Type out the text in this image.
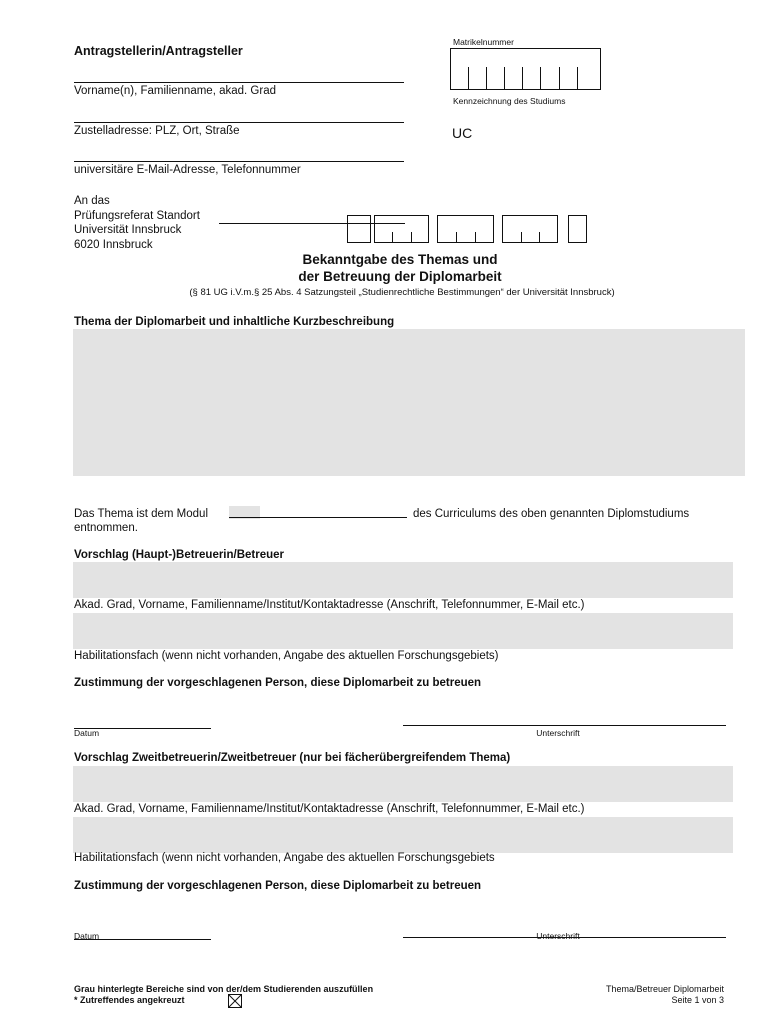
Antragstellerin/Antragsteller
Vorname(n), Familienname, akad. Grad
Zustelladresse: PLZ, Ort, Straße
universitäre E-Mail-Adresse, Telefonnummer
Matrikelnummer
Kennzeichnung des Studiums
UC
An das
Prüfungsreferat Standort
Universität Innsbruck
6020 Innsbruck
Bekanntgabe des Themas und
der Betreuung der Diplomarbeit
(§ 81 UG i.V.m.§ 25 Abs. 4 Satzungsteil „Studienrechtliche Bestimmungen“ der Universität Innsbruck)
Thema der Diplomarbeit und inhaltliche Kurzbeschreibung
Das Thema ist dem Modul	des Curriculums des oben genannten Diplomstudiums
entnommen.
Vorschlag (Haupt-)Betreuerin/Betreuer
Akad. Grad, Vorname, Familienname/Institut/Kontaktadresse (Anschrift, Telefonnummer, E-Mail etc.)
Habilitationsfach (wenn nicht vorhanden, Angabe des aktuellen Forschungsgebiets)
Zustimmung der vorgeschlagenen Person, diese Diplomarbeit zu betreuen
Datum	Unterschrift
Vorschlag Zweitbetreuerin/Zweitbetreuer (nur bei fächerübergreifendem Thema)
Akad. Grad, Vorname, Familienname/Institut/Kontaktadresse (Anschrift, Telefonnummer, E-Mail etc.)
Habilitationsfach (wenn nicht vorhanden, Angabe des aktuellen Forschungsgebiets
Zustimmung der vorgeschlagenen Person, diese Diplomarbeit zu betreuen
Datum	Unterschrift
Grau hinterlegte Bereiche sind von der/dem Studierenden auszufüllen
* Zutreffendes angekreuzt
Thema/Betreuer Diplomarbeit
Seite 1 von 3
